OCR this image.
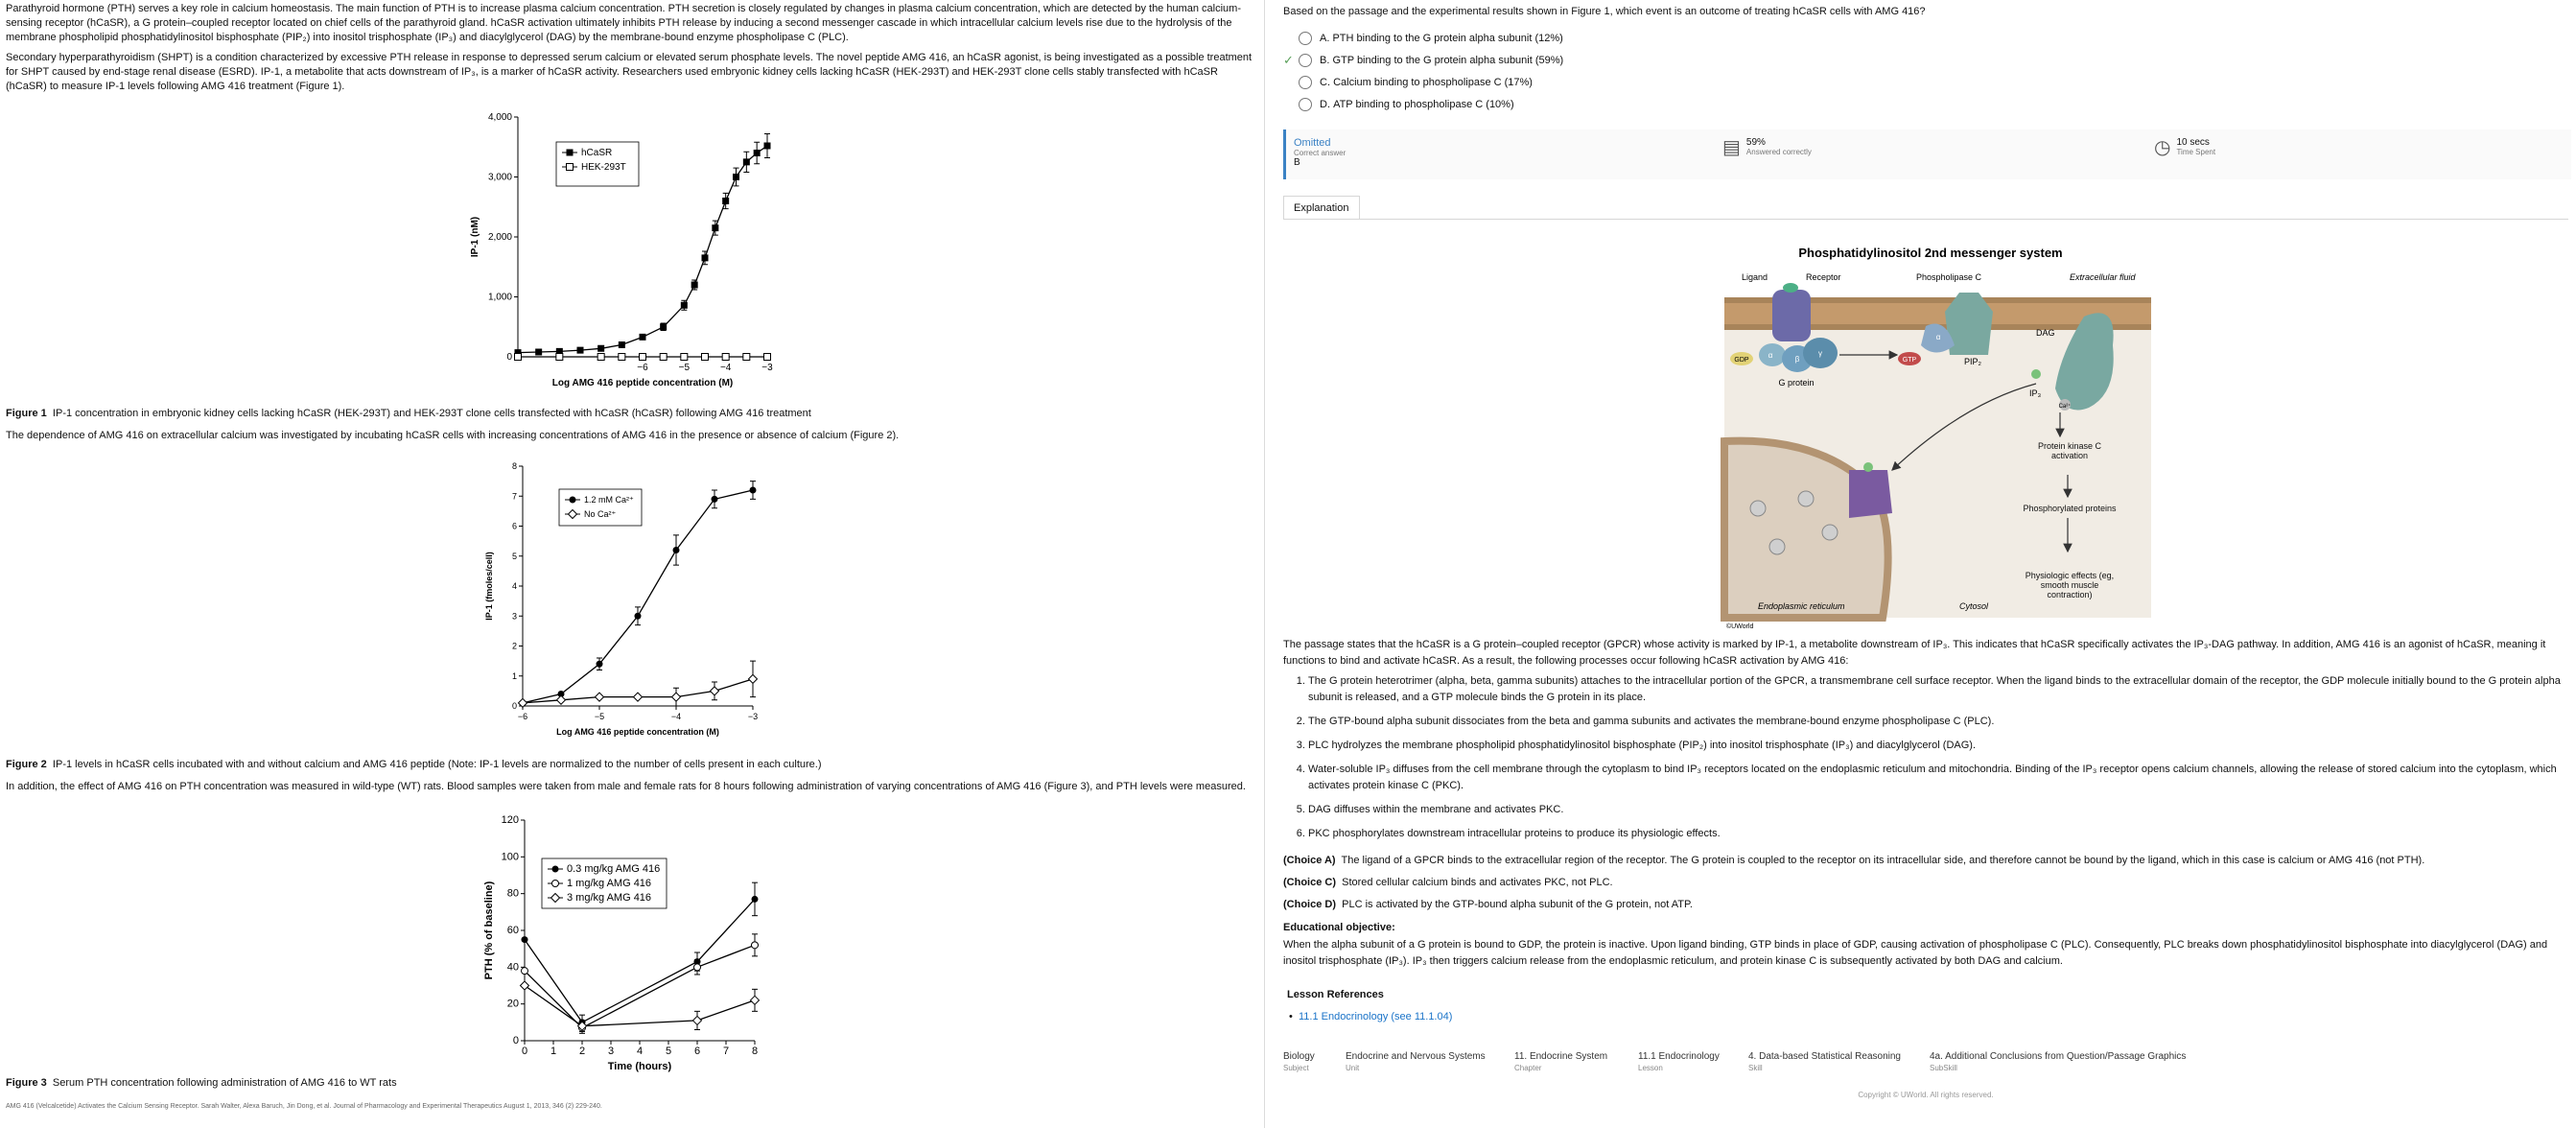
Parathyroid hormone (PTH) serves a key role in calcium homeostasis. The main function of PTH is to increase plasma calcium concentration. PTH secretion is closely regulated by changes in plasma calcium concentration, which are detected by the human calcium-sensing receptor (hCaSR), a G protein–coupled receptor located on chief cells of the parathyroid gland. hCaSR activation ultimately inhibits PTH release by inducing a second messenger cascade in which intracellular calcium levels rise due to the hydrolysis of the membrane phospholipid phosphatidylinositol bisphosphate (PIP₂) into inositol trisphosphate (IP₃) and diacylglycerol (DAG) by the membrane-bound enzyme phospholipase C (PLC).

Secondary hyperparathyroidism (SHPT) is a condition characterized by excessive PTH release in response to depressed serum calcium or elevated serum phosphate levels. The novel peptide AMG 416, an hCaSR agonist, is being investigated as a possible treatment for SHPT caused by end-stage renal disease (ESRD). IP-1, a metabolite that acts downstream of IP₃, is a marker of hCaSR activity. Researchers used embryonic kidney cells lacking hCaSR (HEK-293T) and HEK-293T clone cells stably transfected with hCaSR (hCaSR) to measure IP-1 levels following AMG 416 treatment (Figure 1).

0
1,000
2,000
3,000
4,000
−6	−5	−4	−3
Log AMG 416 peptide concentration (M)
IP-1 (nM)
hCaSR
HEK-293T

Figure 1 IP-1 concentration in embryonic kidney cells lacking hCaSR (HEK-293T) and HEK-293T clone cells transfected with hCaSR (hCaSR) following AMG 416 treatment

The dependence of AMG 416 on extracellular calcium was investigated by incubating hCaSR cells with increasing concentrations of AMG 416 in the presence or absence of calcium (Figure 2).

0
1
2
3
4
5
6
7
8
−6	−5	−4	−3
Log AMG 416 peptide concentration (M)
IP-1 (fmoles/cell)
1.2 mM Ca²⁺
No Ca²⁺

Figure 2 IP-1 levels in hCaSR cells incubated with and without calcium and AMG 416 peptide (Note: IP-1 levels are normalized to the number of cells present in each culture.)

In addition, the effect of AMG 416 on PTH concentration was measured in wild-type (WT) rats. Blood samples were taken from male and female rats for 8 hours following administration of varying concentrations of AMG 416 (Figure 3), and PTH levels were measured.

0
20
40
60
80
100
120
0 1 2 3 4 5 6 7 8
Time (hours)
PTH (% of baseline)
0.3 mg/kg AMG 416
1 mg/kg AMG 416
3 mg/kg AMG 416

Figure 3 Serum PTH concentration following administration of AMG 416 to WT rats

AMG 416 (Velcalcetide) Activates the Calcium Sensing Receptor. Sarah Walter, Alexa Baruch, Jin Dong, et al. Journal of Pharmacology and Experimental Therapeutics August 1, 2013, 346 (2) 229-240.

Based on the passage and the experimental results shown in Figure 1, which event is an outcome of treating hCaSR cells with AMG 416?

A.
PTH binding to the G protein alpha subunit
(12%)
✓ B.
GTP binding to the G protein alpha subunit
(59%)
C.
Calcium binding to phospholipase C
(17%)
D.
ATP binding to phospholipase C
(10%)
Omitted
Correct answer
B
▤ 59%
Answered correctly	◷ 10 secs
Time Spent
Explanation
Phosphatidylinositol 2nd messenger system
Ligand	Receptor	Phospholipase C	Extracellular fluid
GDP
α	β
γ
G protein
GTP
α
PIP₂
DAG
IP₃
Ca²⁺
Protein kinase C activation
Phosphorylated proteins
Physiologic effects (eg, smooth muscle contraction)
Endoplasmic reticulum	Cytosol
©UWorld

The passage states that the hCaSR is a G protein–coupled receptor (GPCR) whose activity is marked by IP-1, a metabolite downstream of IP₃. This indicates that hCaSR specifically activates the IP₃-DAG pathway. In addition, AMG 416 is an agonist of hCaSR, meaning it functions to bind and activate hCaSR. As a result, the following processes occur following hCaSR activation by AMG 416:

1. The G protein heterotrimer (alpha, beta, gamma subunits) attaches to the intracellular portion of the GPCR, a transmembrane cell surface receptor. When the ligand binds to the extracellular domain of the receptor, the GDP molecule initially bound to the G protein alpha subunit is released, and a GTP molecule binds the G protein in its place.
2. The GTP-bound alpha subunit dissociates from the beta and gamma subunits and activates the membrane-bound enzyme phospholipase C (PLC).
3. PLC hydrolyzes the membrane phospholipid phosphatidylinositol bisphosphate (PIP₂) into inositol trisphosphate (IP₃) and diacylglycerol (DAG).
4. Water-soluble IP₃ diffuses from the cell membrane through the cytoplasm to bind IP₃ receptors located on the endoplasmic reticulum and mitochondria. Binding of the IP₃ receptor opens calcium channels, allowing the release of stored calcium into the cytoplasm, which activates protein kinase C (PKC).
5. DAG diffuses within the membrane and activates PKC.
6. PKC phosphorylates downstream intracellular proteins to produce its physiologic effects.

(Choice A) The ligand of a GPCR binds to the extracellular region of the receptor. The G protein is coupled to the receptor on its intracellular side, and therefore cannot be bound by the ligand, which in this case is calcium or AMG 416 (not PTH).

(Choice C) Stored cellular calcium binds and activates PKC, not PLC.

(Choice D) PLC is activated by the GTP-bound alpha subunit of the G protein, not ATP.

Educational objective:

When the alpha subunit of a G protein is bound to GDP, the protein is inactive. Upon ligand binding, GTP binds in place of GDP, causing activation of phospholipase C (PLC). Consequently, PLC breaks down phosphatidylinositol bisphosphate into diacylglycerol (DAG) and inositol trisphosphate (IP₃). IP₃ then triggers calcium release from the endoplasmic reticulum, and protein kinase C is subsequently activated by both DAG and calcium.

Lesson References

•  11.1 Endocrinology (see 11.1.04)

Biology
Subject
Endocrine and Nervous Systems
Unit
11. Endocrine System
Chapter
11.1 Endocrinology
Lesson
4. Data-based Statistical Reasoning
Skill
4a. Additional Conclusions from Question/Passage Graphics
SubSkill

Copyright © UWorld. All rights reserved.
